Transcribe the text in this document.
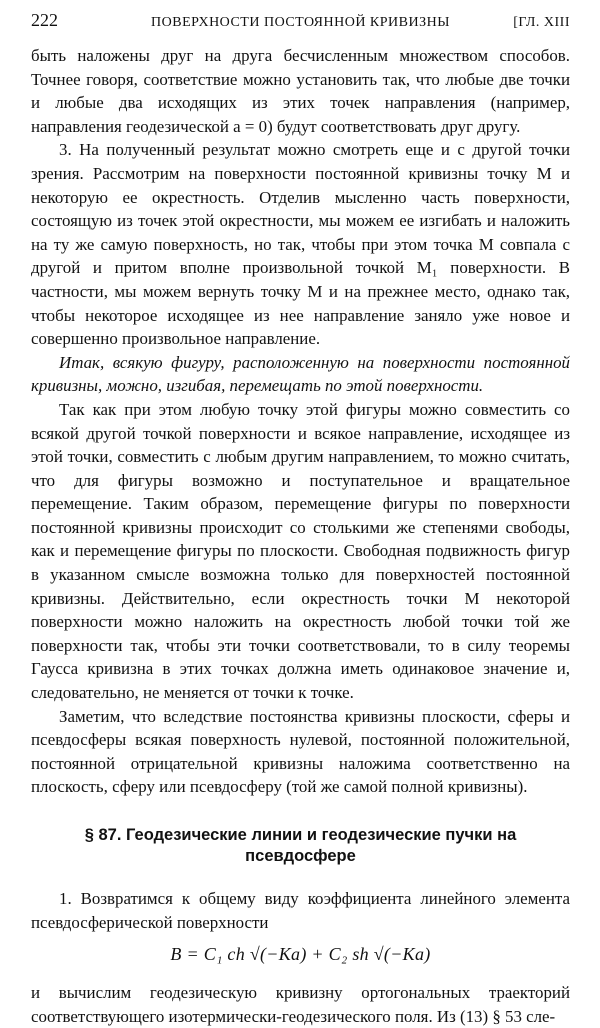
222	ПОВЕРХНОСТИ ПОСТОЯННОЙ КРИВИЗНЫ	[ГЛ. XIII

быть наложены друг на друга бесчисленным множеством способов. Точнее говоря, соответствие можно установить так, что любые две точки и любые два исходящих из этих точек направления (например, направления геодезической a = 0) будут соответствовать друг другу.

3. На полученный результат можно смотреть еще и с другой точки зрения. Рассмотрим на поверхности постоянной кривизны точку M и некоторую ее окрестность. Отделив мысленно часть поверхности, состоящую из точек этой окрестности, мы можем ее изгибать и наложить на ту же самую поверхность, но так, чтобы при этом точка M совпала с другой и притом вполне произвольной точкой M₁ поверхности. В частности, мы можем вернуть точку M и на прежнее место, однако так, чтобы некоторое исходящее из нее направление заняло уже новое и совершенно произвольное направление.

Итак, всякую фигуру, расположенную на поверхности постоянной кривизны, можно, изгибая, перемещать по этой поверхности.

Так как при этом любую точку этой фигуры можно совместить со всякой другой точкой поверхности и всякое направление, исходящее из этой точки, совместить с любым другим направлением, то можно считать, что для фигуры возможно и поступательное и вращательное перемещение. Таким образом, перемещение фигуры по поверхности постоянной кривизны происходит со столькими же степенями свободы, как и перемещение фигуры по плоскости. Свободная подвижность фигур в указанном смысле возможна только для поверхностей постоянной кривизны. Действительно, если окрестность точки M некоторой поверхности можно наложить на окрестность любой точки той же поверхности так, чтобы эти точки соответствовали, то в силу теоремы Гаусса кривизна в этих точках должна иметь одинаковое значение и, следовательно, не меняется от точки к точке.

Заметим, что вследствие постоянства кривизны плоскости, сферы и псевдосферы всякая поверхность нулевой, постоянной положительной, постоянной отрицательной кривизны наложима соответственно на плоскость, сферу или псевдосферу (той же самой полной кривизны).

§ 87. Геодезические линии и геодезические пучки на псевдосфере

1. Возвратимся к общему виду коэффициента линейного элемента псевдосферической поверхности

B = C₁ ch √(−Ka) + C₂ sh √(−Ka)

и вычислим геодезическую кривизну ортогональных траекторий соответствующего изотермически-геодезического поля. Из (13) § 53 сле-
